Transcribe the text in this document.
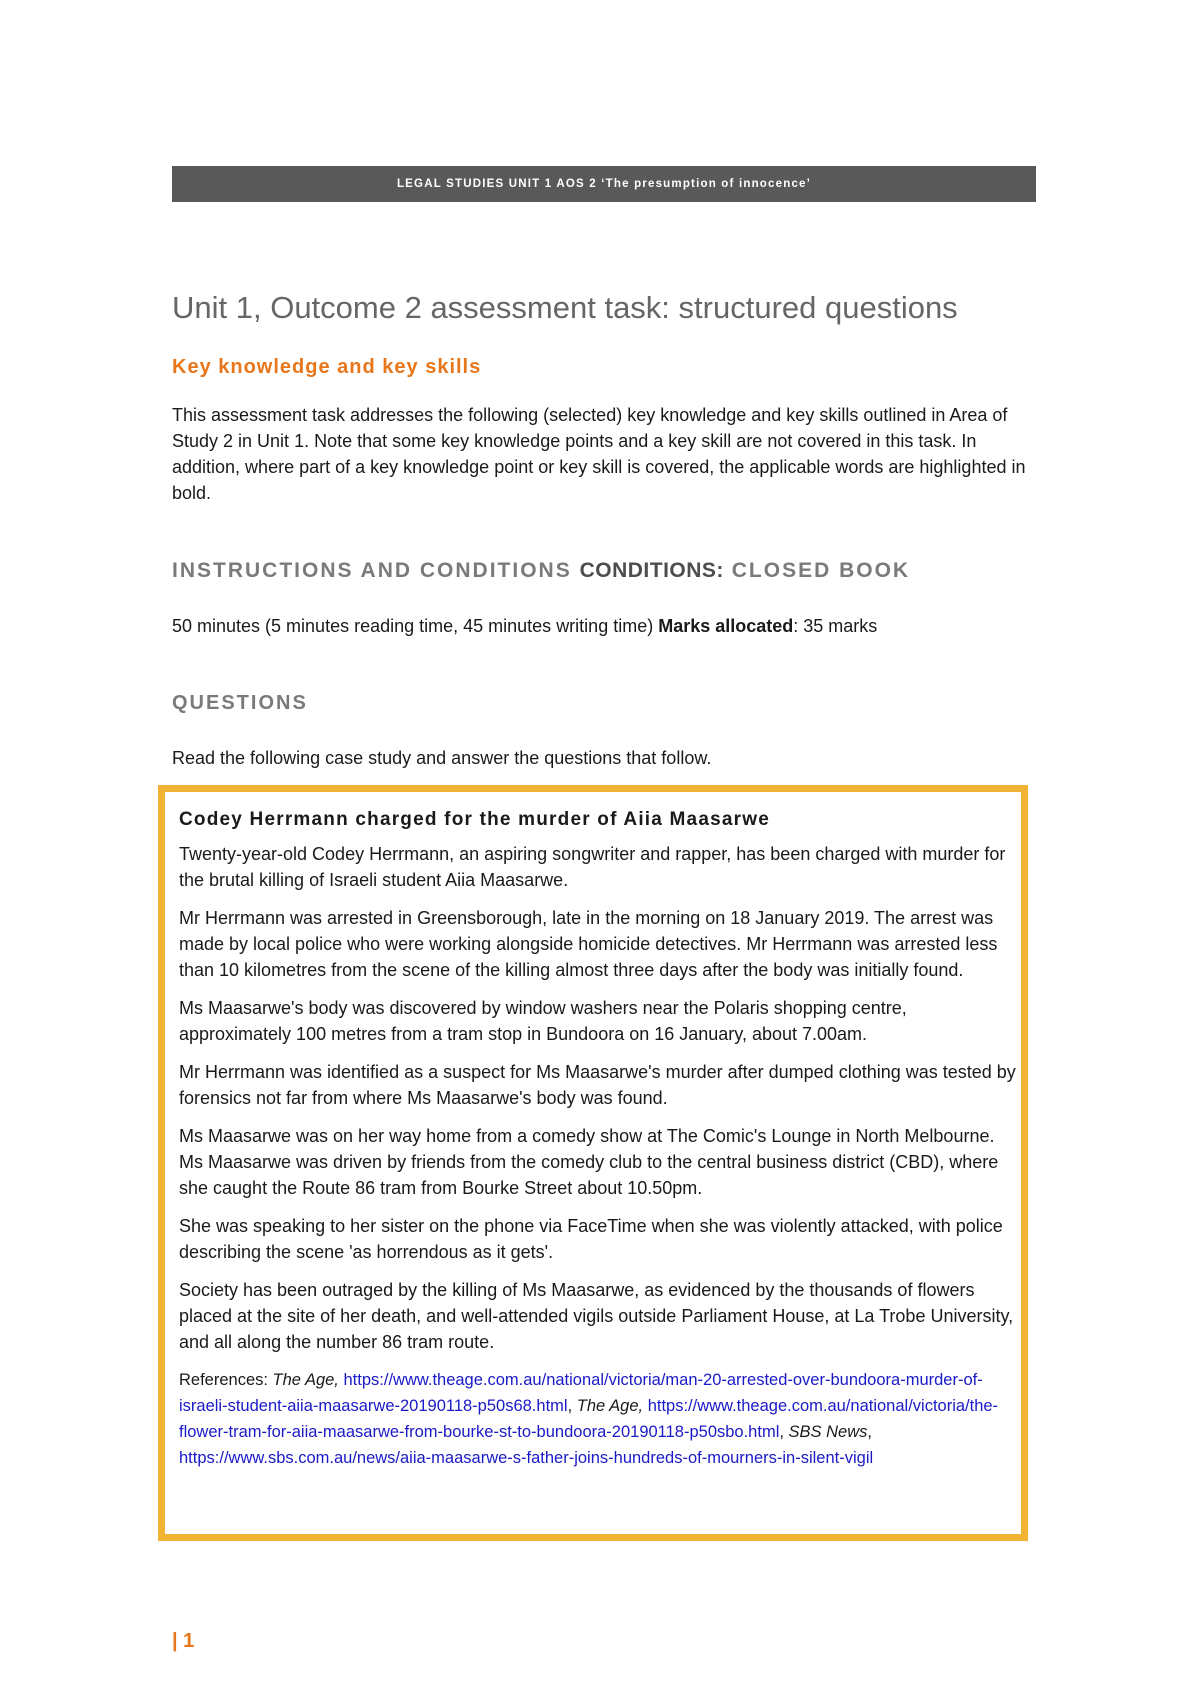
LEGAL STUDIES UNIT 1 AOS 2 ‘The presumption of innocence’
Unit 1, Outcome 2 assessment task: structured questions
Key knowledge and key skills

This assessment task addresses the following (selected) key knowledge and key skills outlined in Area of Study 2 in Unit 1. Note that some key knowledge points and a key skill are not covered in this task. In addition, where part of a key knowledge point or key skill is covered, the applicable words are highlighted in bold.

INSTRUCTIONS AND CONDITIONS CONDITIONS: CLOSED BOOK

50 minutes (5 minutes reading time, 45 minutes writing time) Marks allocated: 35 marks

QUESTIONS

Read the following case study and answer the questions that follow.

Codey Herrmann charged for the murder of Aiia Maasarwe

Twenty-year-old Codey Herrmann, an aspiring songwriter and rapper, has been charged with murder for the brutal killing of Israeli student Aiia Maasarwe.

Mr Herrmann was arrested in Greensborough, late in the morning on 18 January 2019. The arrest was made by local police who were working alongside homicide detectives. Mr Herrmann was arrested less than 10 kilometres from the scene of the killing almost three days after the body was initially found.

Ms Maasarwe's body was discovered by window washers near the Polaris shopping centre, approximately 100 metres from a tram stop in Bundoora on 16 January, about 7.00am.

Mr Herrmann was identified as a suspect for Ms Maasarwe's murder after dumped clothing was tested by forensics not far from where Ms Maasarwe's body was found.

Ms Maasarwe was on her way home from a comedy show at The Comic's Lounge in North Melbourne. Ms Maasarwe was driven by friends from the comedy club to the central business district (CBD), where she caught the Route 86 tram from Bourke Street about 10.50pm.

She was speaking to her sister on the phone via FaceTime when she was violently attacked, with police describing the scene 'as horrendous as it gets'.

Society has been outraged by the killing of Ms Maasarwe, as evidenced by the thousands of flowers placed at the site of her death, and well-attended vigils outside Parliament House, at La Trobe University, and all along the number 86 tram route.

References: The Age, https://www.theage.com.au/national/victoria/man-20-arrested-over-bundoora-murder-of-israeli-student-aiia-maasarwe-20190118-p50s68.html, The Age, https://www.theage.com.au/national/victoria/the-flower-tram-for-aiia-maasarwe-from-bourke-st-to-bundoora-20190118-p50sbo.html, SBS News, https://www.sbs.com.au/news/aiia-maasarwe-s-father-joins-hundreds-of-mourners-in-silent-vigil

| 1
